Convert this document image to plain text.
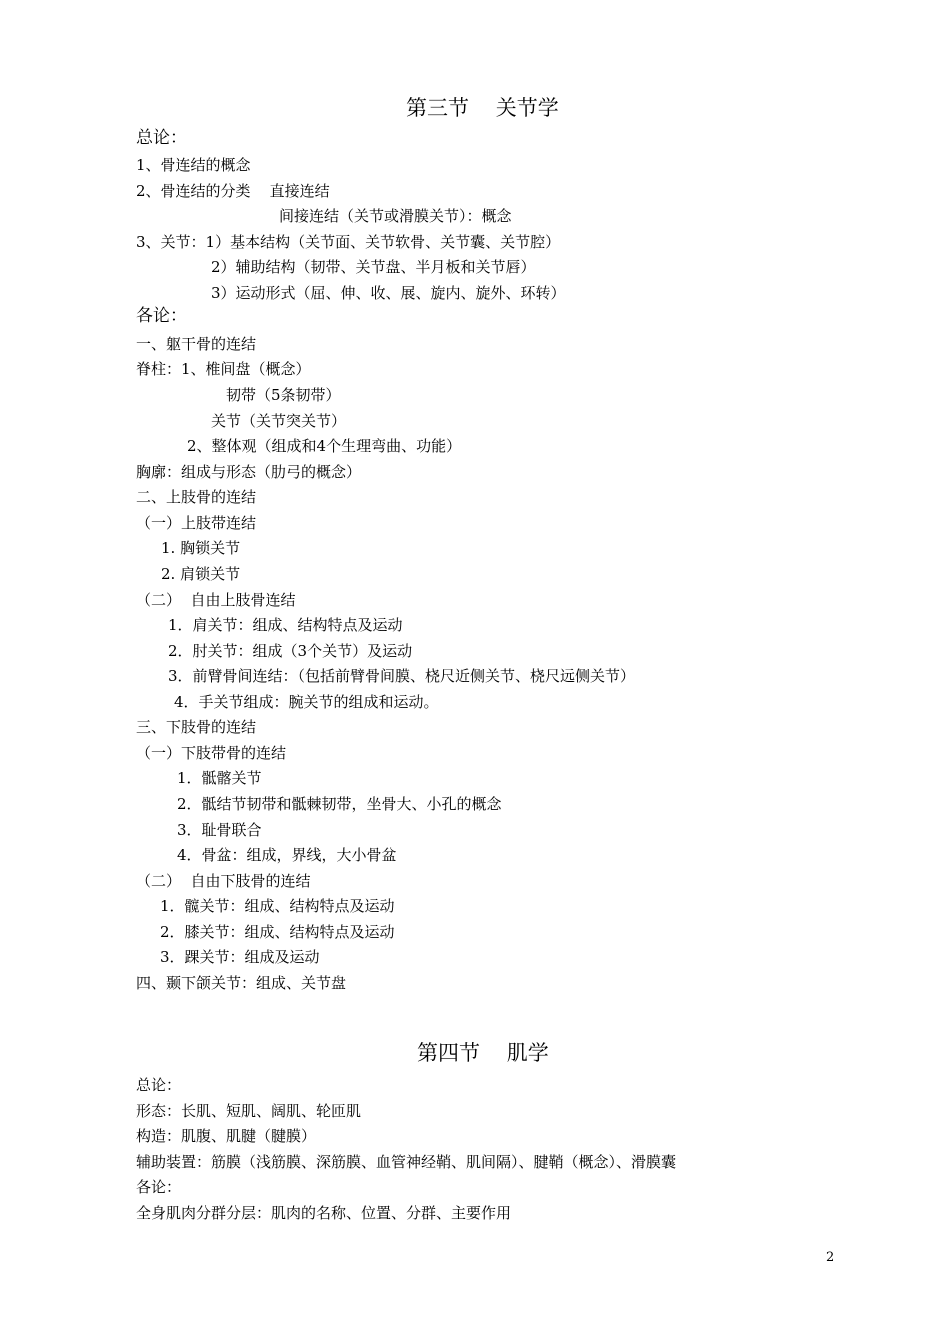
第三节    关节学
总论：
1、骨连结的概念
2、骨连结的分类    直接连结
间接连结（关节或滑膜关节）：概念
3、关节：1）基本结构（关节面、关节软骨、关节囊、关节腔）
2）辅助结构（韧带、关节盘、半月板和关节唇）
3）运动形式（屈、伸、收、展、旋内、旋外、环转）
各论：
一、躯干骨的连结
脊柱：1、椎间盘（概念）
韧带（5条韧带）
关节（关节突关节）
2、整体观（组成和4个生理弯曲、功能）
胸廓：组成与形态（肋弓的概念）
二、上肢骨的连结
（一）上肢带连结
1. 胸锁关节
2. 肩锁关节
（二）  自由上肢骨连结
1．肩关节：组成、结构特点及运动
2．肘关节：组成（3个关节）及运动
3．前臂骨间连结：（包括前臂骨间膜、桡尺近侧关节、桡尺远侧关节）
4．手关节组成：腕关节的组成和运动。
三、下肢骨的连结
（一）下肢带骨的连结
1．骶髂关节
2．骶结节韧带和骶棘韧带，坐骨大、小孔的概念
3．耻骨联合
4．骨盆：组成，界线，大小骨盆
（二）  自由下肢骨的连结
1．髋关节：组成、结构特点及运动
2．膝关节：组成、结构特点及运动
3．踝关节：组成及运动
四、颞下颌关节：组成、关节盘
第四节    肌学
总论：
形态：长肌、短肌、阔肌、轮匝肌
构造：肌腹、肌腱（腱膜）
辅助装置：筋膜（浅筋膜、深筋膜、血管神经鞘、肌间隔）、腱鞘（概念）、滑膜囊
各论：
全身肌肉分群分层：肌肉的名称、位置、分群、主要作用
2
